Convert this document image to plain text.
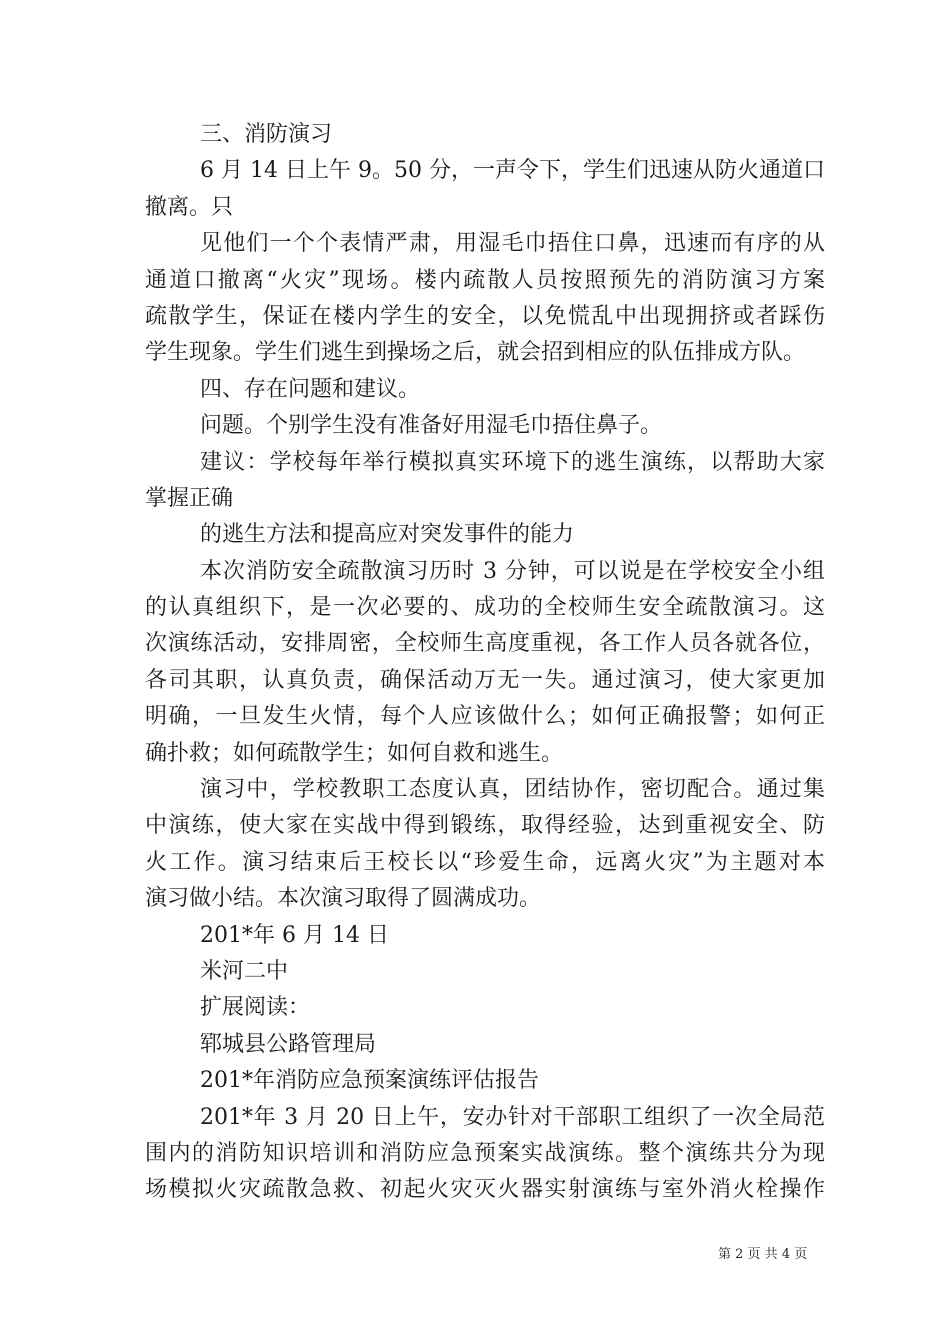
三、消防演习
6 月 14 日上午 9。50 分，一声令下，学生们迅速从防火通道口
撤离。只
见他们一个个表情严肃，用湿毛巾捂住口鼻，迅速而有序的从
通道口撤离“火灾”现场。楼内疏散人员按照预先的消防演习方案
疏散学生，保证在楼内学生的安全，以免慌乱中出现拥挤或者踩伤
学生现象。学生们逃生到操场之后，就会招到相应的队伍排成方队。
四、存在问题和建议。
问题。个别学生没有准备好用湿毛巾捂住鼻子。
建议：学校每年举行模拟真实环境下的逃生演练，以帮助大家
掌握正确
的逃生方法和提高应对突发事件的能力
本次消防安全疏散演习历时 3 分钟，可以说是在学校安全小组
的认真组织下，是一次必要的、成功的全校师生安全疏散演习。这
次演练活动，安排周密，全校师生高度重视，各工作人员各就各位，
各司其职，认真负责，确保活动万无一失。通过演习，使大家更加
明确，一旦发生火情，每个人应该做什么；如何正确报警；如何正
确扑救；如何疏散学生；如何自救和逃生。
演习中，学校教职工态度认真，团结协作，密切配合。通过集
中演练，使大家在实战中得到锻练，取得经验，达到重视安全、防
火工作。演习结束后王校长以“珍爱生命，远离火灾”为主题对本
演习做小结。本次演习取得了圆满成功。
201*年 6 月 14 日
米河二中
扩展阅读：
郓城县公路管理局
201*年消防应急预案演练评估报告
201*年 3 月 20 日上午，安办针对干部职工组织了一次全局范
围内的消防知识培训和消防应急预案实战演练。整个演练共分为现
场模拟火灾疏散急救、初起火灾灭火器实射演练与室外消火栓操作
第 2 页 共 4 页
